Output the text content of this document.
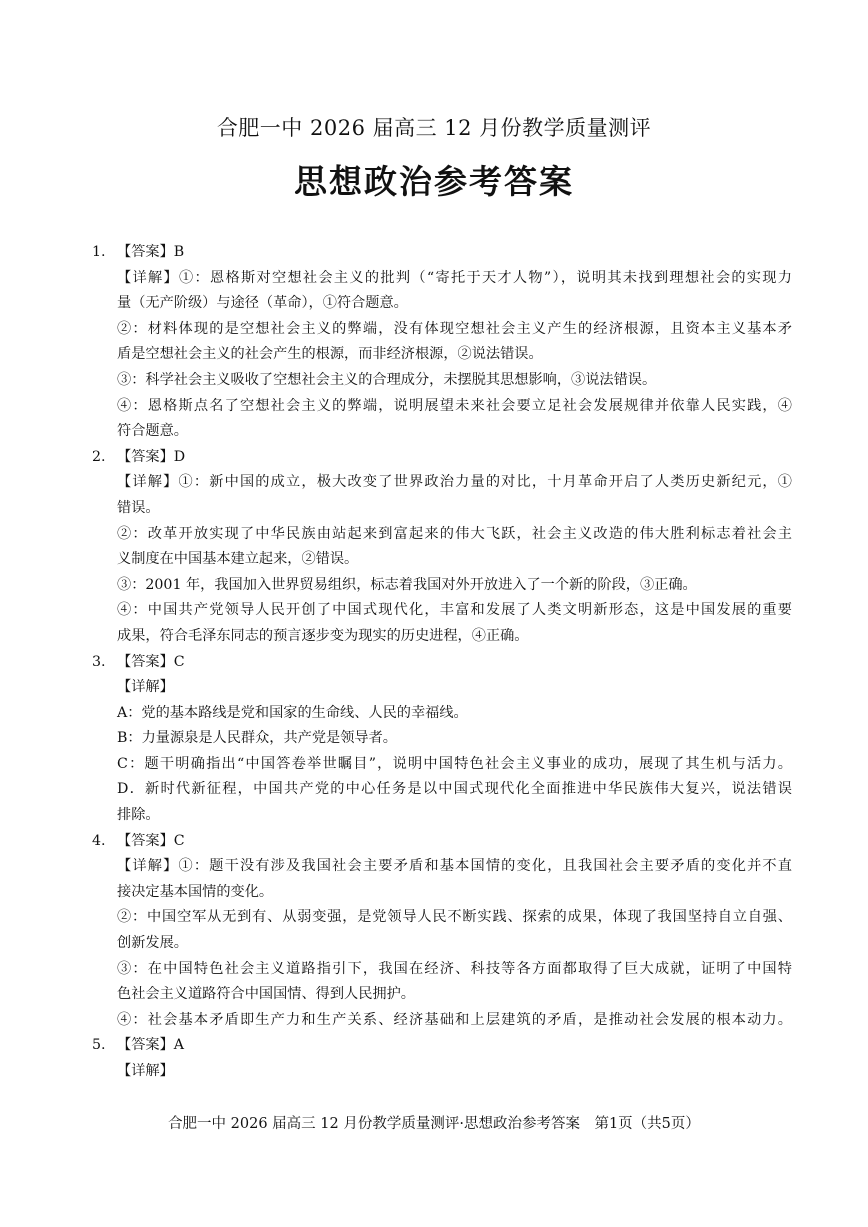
合肥一中 2026 届高三 12 月份教学质量测评
思想政治参考答案
1. 【答案】B
【详解】①：恩格斯对空想社会主义的批判（“寄托于天才人物”），说明其未找到理想社会的实现力
量（无产阶级）与途径（革命），①符合题意。
②：材料体现的是空想社会主义的弊端，没有体现空想社会主义产生的经济根源，且资本主义基本矛
盾是空想社会主义的社会产生的根源，而非经济根源，②说法错误。
③：科学社会主义吸收了空想社会主义的合理成分，未摆脱其思想影响，③说法错误。
④：恩格斯点名了空想社会主义的弊端，说明展望未来社会要立足社会发展规律并依靠人民实践，④
符合题意。
2. 【答案】D
【详解】①：新中国的成立，极大改变了世界政治力量的对比，十月革命开启了人类历史新纪元，①
错误。
②：改革开放实现了中华民族由站起来到富起来的伟大飞跃，社会主义改造的伟大胜利标志着社会主
义制度在中国基本建立起来，②错误。
③：2001 年，我国加入世界贸易组织，标志着我国对外开放进入了一个新的阶段，③正确。
④：中国共产党领导人民开创了中国式现代化，丰富和发展了人类文明新形态，这是中国发展的重要
成果，符合毛泽东同志的预言逐步变为现实的历史进程，④正确。
3. 【答案】C
【详解】
A：党的基本路线是党和国家的生命线、人民的幸福线。
B：力量源泉是人民群众，共产党是领导者。
C：题干明确指出“中国答卷举世瞩目”，说明中国特色社会主义事业的成功，展现了其生机与活力。
D．新时代新征程，中国共产党的中心任务是以中国式现代化全面推进中华民族伟大复兴，说法错误
排除。
4. 【答案】C
【详解】①：题干没有涉及我国社会主要矛盾和基本国情的变化，且我国社会主要矛盾的变化并不直
接决定基本国情的变化。
②：中国空军从无到有、从弱变强，是党领导人民不断实践、探索的成果，体现了我国坚持自立自强、
创新发展。
③：在中国特色社会主义道路指引下，我国在经济、科技等各方面都取得了巨大成就，证明了中国特
色社会主义道路符合中国国情、得到人民拥护。
④：社会基本矛盾即生产力和生产关系、经济基础和上层建筑的矛盾，是推动社会发展的根本动力。
5. 【答案】A
【详解】
合肥一中 2026 届高三 12 月份教学质量测评·思想政治参考答案　第1页（共5页）
